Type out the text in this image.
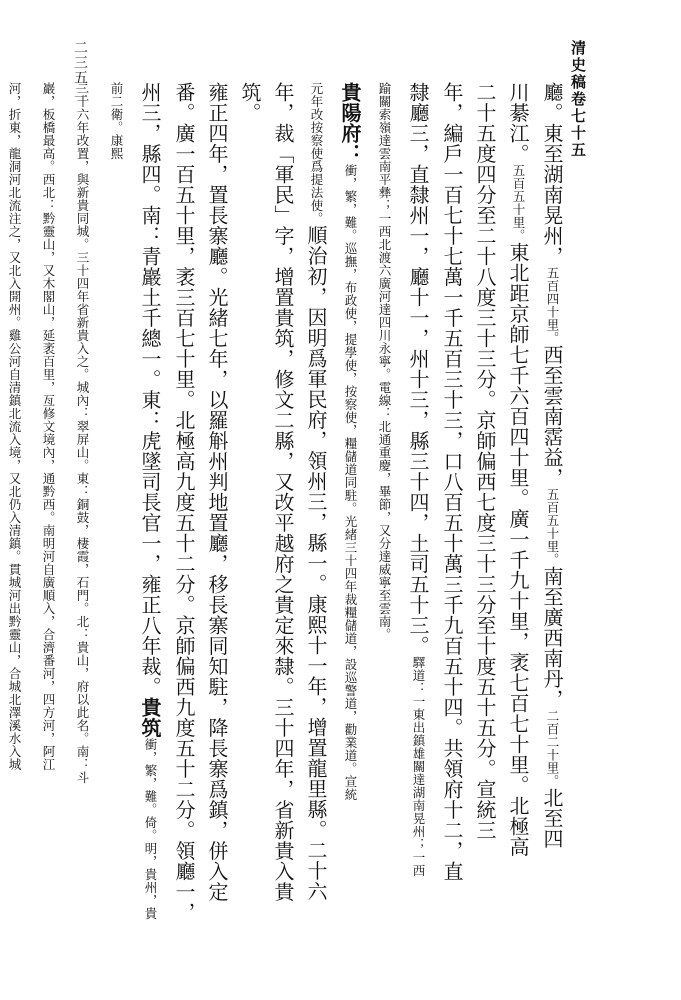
清史稿卷七十五
二三五二
廳。東至湖南晃州，五百四十里。西至雲南霑益，五百五十里。南至廣西南丹，二百二十里。北至四
川綦江。五百五十里。東北距京師七千六百四十里。廣一千九十里，袤七百七十里。北極高
二十五度四分至二十八度三十三分。京師偏西七度三十三分至十度五十五分。宣統三
年，編戶一百七十七萬一千五百三十三，口八百五十萬三千九百五十四。共領府十二，直
隸廳三，直隸州一，廳十一，州十三，縣三十四，土司五十三。驛道：一東出鎮雄關達湖南晃州；一西
踰關索嶺達雲南平彝；一西北渡六廣河達四川永寧。電線：北通重慶，畢節，又分達威寧至雲南。
貴陽府：衝，繁，難。巡撫，布政使，提學使，按察使，糧儲道同駐。光緒三十四年裁糧儲道，設巡警道，勸業道。宣統
元年改按察使爲提法使。順治初，因明爲軍民府，領州三，縣一。康熙十一年，增置龍里縣。二十六
年，裁「軍民」字，增置貴筑，修文二縣，又改平越府之貴定來隸。三十四年，省新貴入貴筑。
雍正四年，置長寨廳。光緒七年，以羅斛州判地置廳，移長寨同知駐，降長寨爲鎮，併入定
番。廣一百五十里，袤三百七十里。北極高九度五十二分。京師偏西九度五十二分。領廳一，
州三，縣四。南：青巖土千總一。東：虎墜司長官一，雍正八年裁。貴筑衝，繁，難。倚。明，貴州，貴前二衛。康熙
二十六年改置，與新貴同城。三十四年省新貴入之。城內：翠屏山。東：銅鼓，棲霞，石門。北：貴山，府以此名。南：斗
巖，板橋最高。西北：黔靈山，又木閣山，延袤百里，亙修文境內，通黔西。南明河自廣順入，合濟番河，四方河，阿江
河，折東，龍洞河北流注之，又北入開州。雞公河自清鎮北流入境，又北仍入清鎮。貫城河出黔靈山，合城北澤溪水入城
